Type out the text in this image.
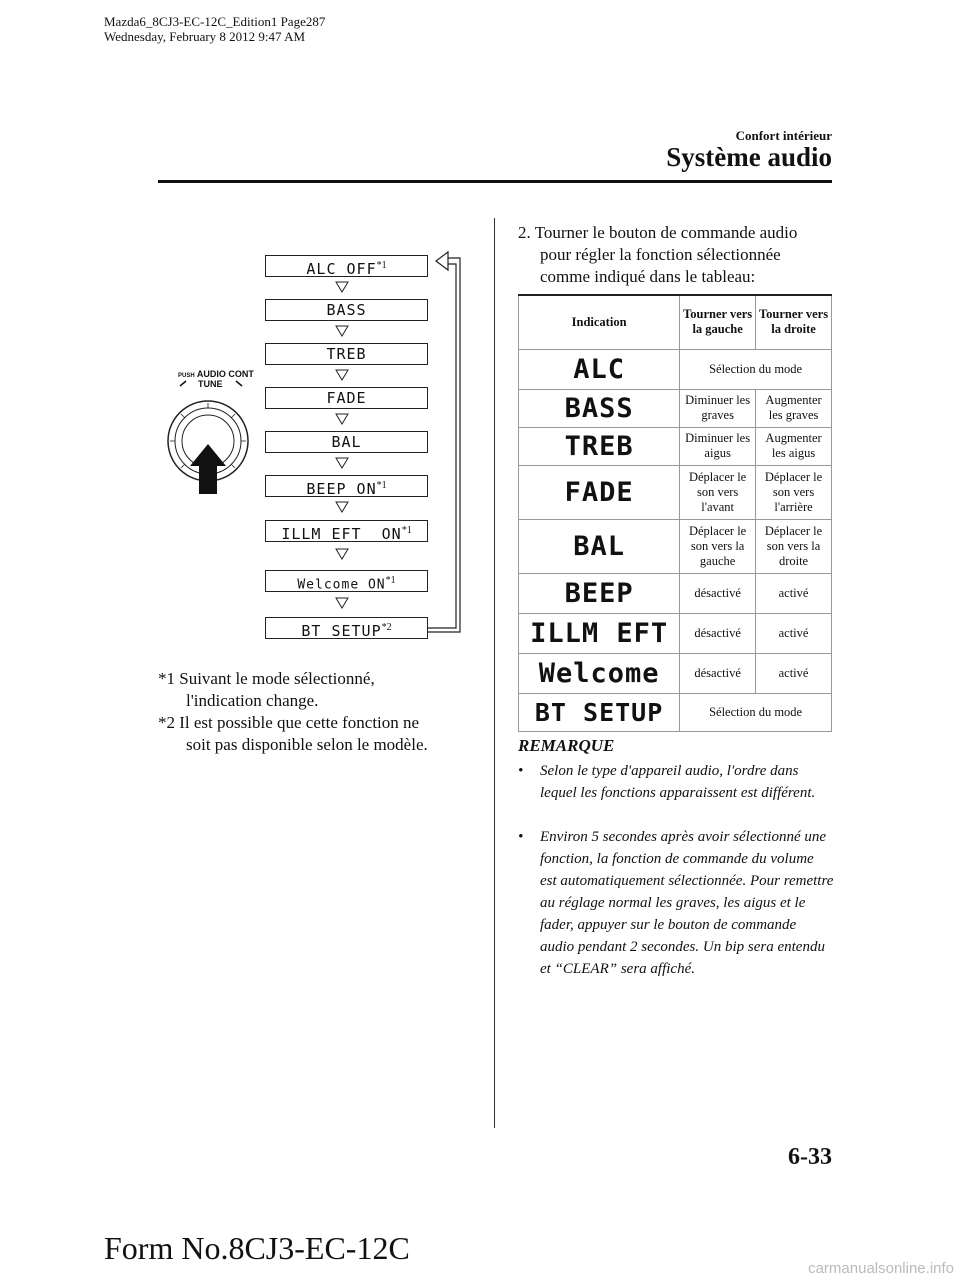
Mazda6_8CJ3-EC-12C_Edition1 Page287
Wednesday, February 8 2012 9:47 AM
Confort intérieur
Système audio
PUSH AUDIO CONT
TUNE
ALC OFF$^{*1}$
BASS
TREB
FADE
BAL
BEEP ON$^{*1}$
ILLM EFT  ON$^{*1}$
Welcome ON$^{*1}$
BT SETUP$^{*2}$
*1 Suivant le mode sélectionné,
l'indication change.
*2 Il est possible que cette fonction ne
soit pas disponible selon le modèle.
2. Tourner le bouton de commande audio
pour régler la fonction sélectionnée
comme indiqué dans le tableau:
Indication	Tourner vers la gauche	Tourner vers la droite
ALC	Sélection du mode	
BASS	Diminuer les graves	Augmenter les graves
TREB	Diminuer les aigus	Augmenter les aigus
FADE	Déplacer le son vers l'avant	Déplacer le son vers l'arrière
BAL	Déplacer le son vers la gauche	Déplacer le son vers la droite
BEEP	désactivé	activé
ILLM EFT	désactivé	activé
Welcome	désactivé	activé
BT SETUP	Sélection du mode	
REMARQUE
•	Selon le type d'appareil audio, l'ordre dans lequel les fonctions apparaissent est différent.
•	Environ 5 secondes après avoir sélectionné une fonction, la fonction de commande du volume est automatiquement sélectionnée. Pour remettre au réglage normal les graves, les aigus et le fader, appuyer sur le bouton de commande audio pendant 2 secondes. Un bip sera entendu et “CLEAR” sera affiché.
6-33
Form No.8CJ3-EC-12C
carmanualsonline.info
